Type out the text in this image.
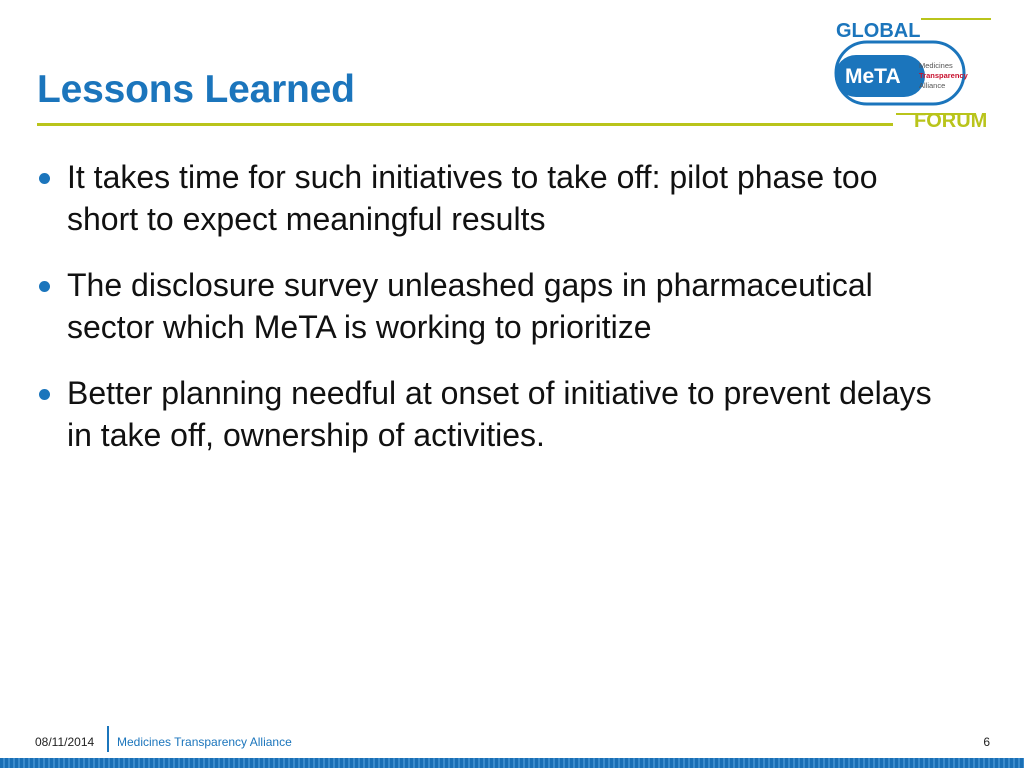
Lessons Learned
GLOBAL
MeTA Medicines
Transparency
Alliance
FORUM
It takes time for such initiatives to take off: pilot phase too short to expect meaningful results
The disclosure survey unleashed gaps in pharmaceutical sector which MeTA is working to prioritize
Better planning needful at onset of initiative to prevent delays in take off, ownership of activities.
08/11/2014 Medicines Transparency Alliance	6
